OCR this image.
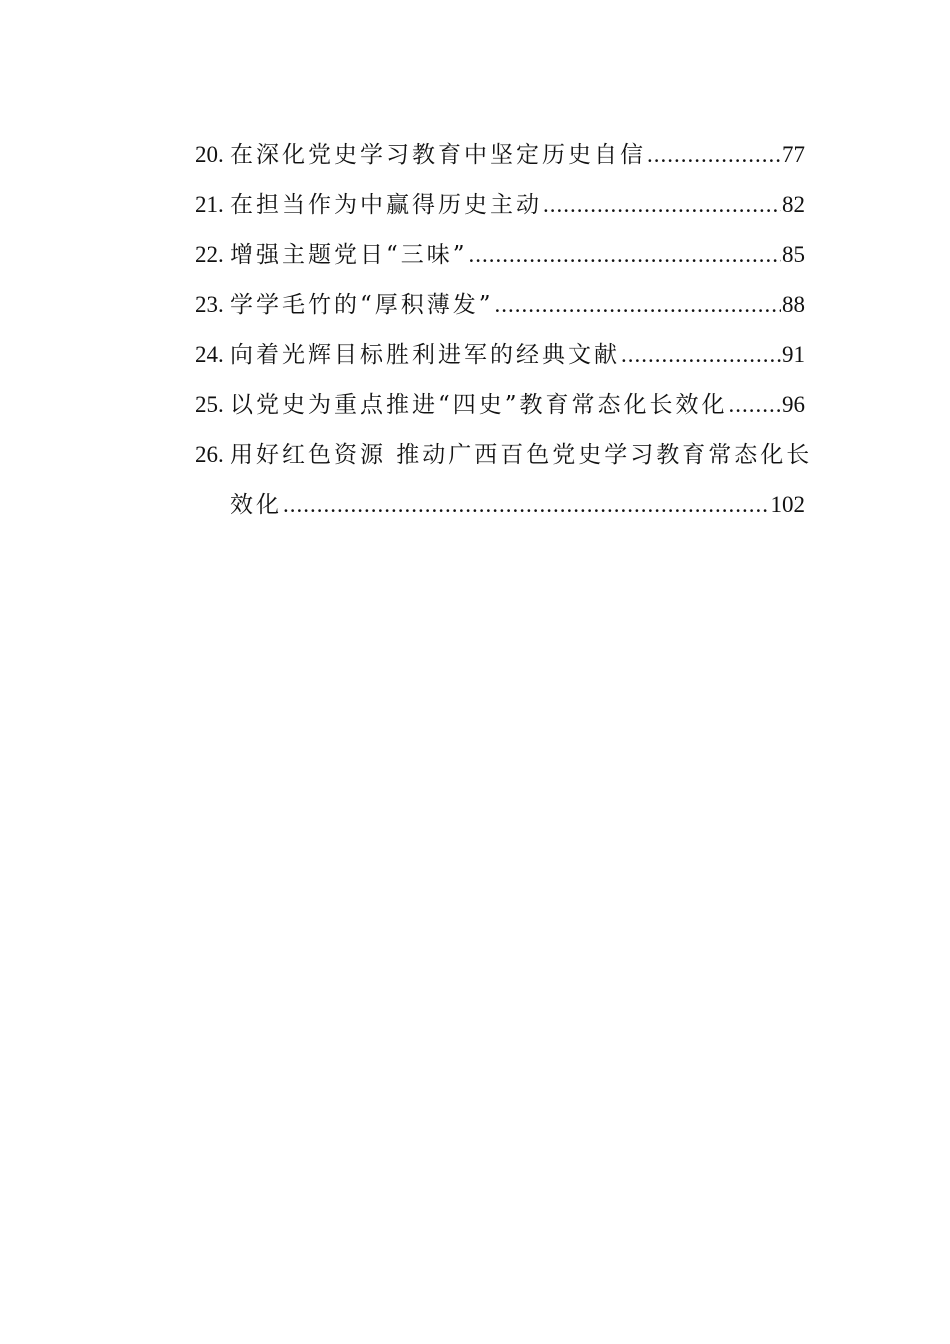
20. 在深化党史学习教育中坚定历史自信 .....	77
21. 在担当作为中赢得历史主动 .....	82
22. 增强主题党日“三味” .....	85
23. 学学毛竹的“厚积薄发” .....	88
24. 向着光辉目标胜利进军的经典文献 .....	91
25. 以党史为重点推进“四史”教育常态化长效化 ..... 96
26. 用好红色资源 推动广西百色党史学习教育常态化长
效化 .....	102
